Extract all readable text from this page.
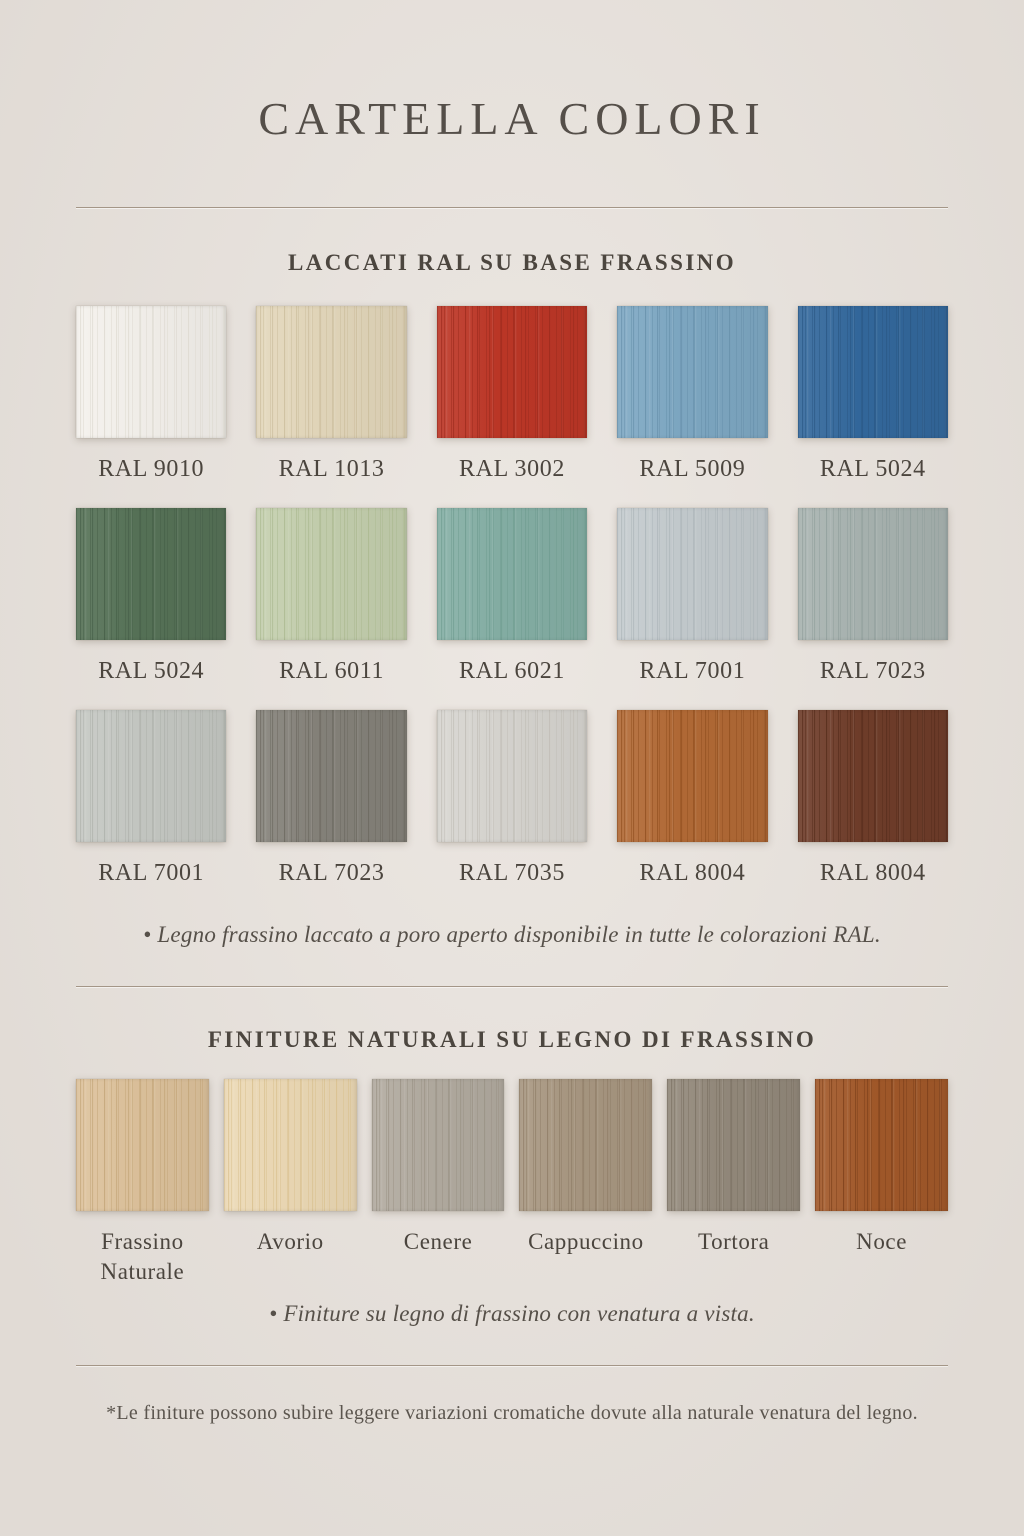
CARTELLA COLORI
LACCATI RAL SU BASE FRASSINO
RAL 9010	RAL 1013	RAL 3002	RAL 5009	RAL 5024
RAL 5024	RAL 6011	RAL 6021	RAL 7001	RAL 7023
RAL 7001	RAL 7023	RAL 7035	RAL 8004	RAL 8004

• Legno frassino laccato a poro aperto disponibile in tutte le colorazioni RAL.

FINITURE NATURALI SU LEGNO DI FRASSINO
Frassino Naturale
Avorio	Cenere Cappuccino Tortora	Noce

• Finiture su legno di frassino con venatura a vista.

*Le finiture possono subire leggere variazioni cromatiche dovute alla naturale venatura del legno.
